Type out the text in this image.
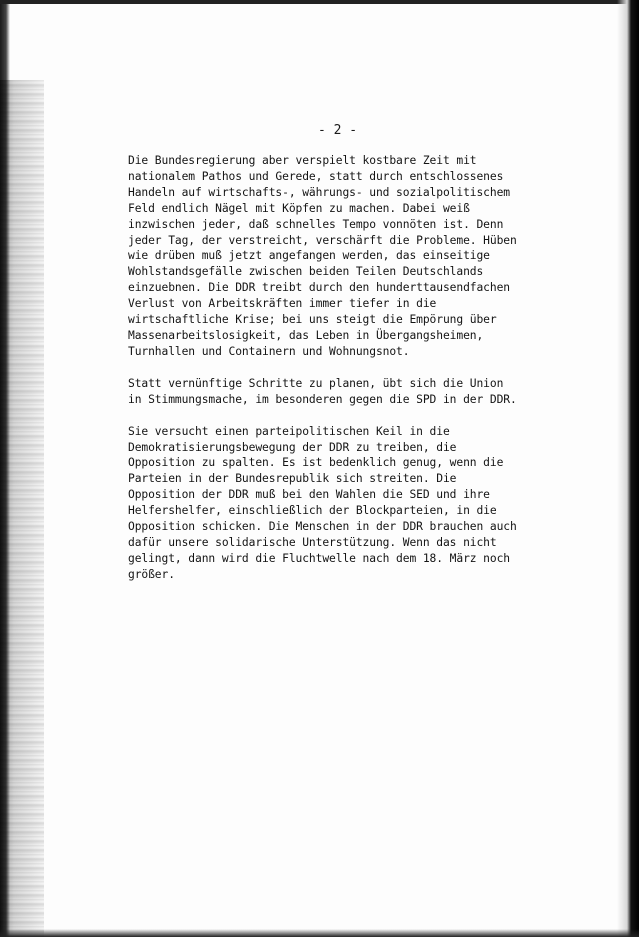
- 2 -
Die Bundesregierung aber verspielt kostbare Zeit mit
nationalem Pathos und Gerede, statt durch entschlossenes
Handeln auf wirtschafts-, währungs- und sozialpolitischem
Feld endlich Nägel mit Köpfen zu machen. Dabei weiß
inzwischen jeder, daß schnelles Tempo vonnöten ist. Denn
jeder Tag, der verstreicht, verschärft die Probleme. Hüben
wie drüben muß jetzt angefangen werden, das einseitige
Wohlstandsgefälle zwischen beiden Teilen Deutschlands
einzuebnen. Die DDR treibt durch den hunderttausendfachen
Verlust von Arbeitskräften immer tiefer in die
wirtschaftliche Krise; bei uns steigt die Empörung über
Massenarbeitslosigkeit, das Leben in Übergangsheimen,
Turnhallen und Containern und Wohnungsnot.
Statt vernünftige Schritte zu planen, übt sich die Union
in Stimmungsmache, im besonderen gegen die SPD in der DDR.
Sie versucht einen parteipolitischen Keil in die
Demokratisierungsbewegung der DDR zu treiben, die
Opposition zu spalten. Es ist bedenklich genug, wenn die
Parteien in der Bundesrepublik sich streiten. Die
Opposition der DDR muß bei den Wahlen die SED und ihre
Helfershelfer, einschließlich der Blockparteien, in die
Opposition schicken. Die Menschen in der DDR brauchen auch
dafür unsere solidarische Unterstützung. Wenn das nicht
gelingt, dann wird die Fluchtwelle nach dem 18. März noch
größer.
